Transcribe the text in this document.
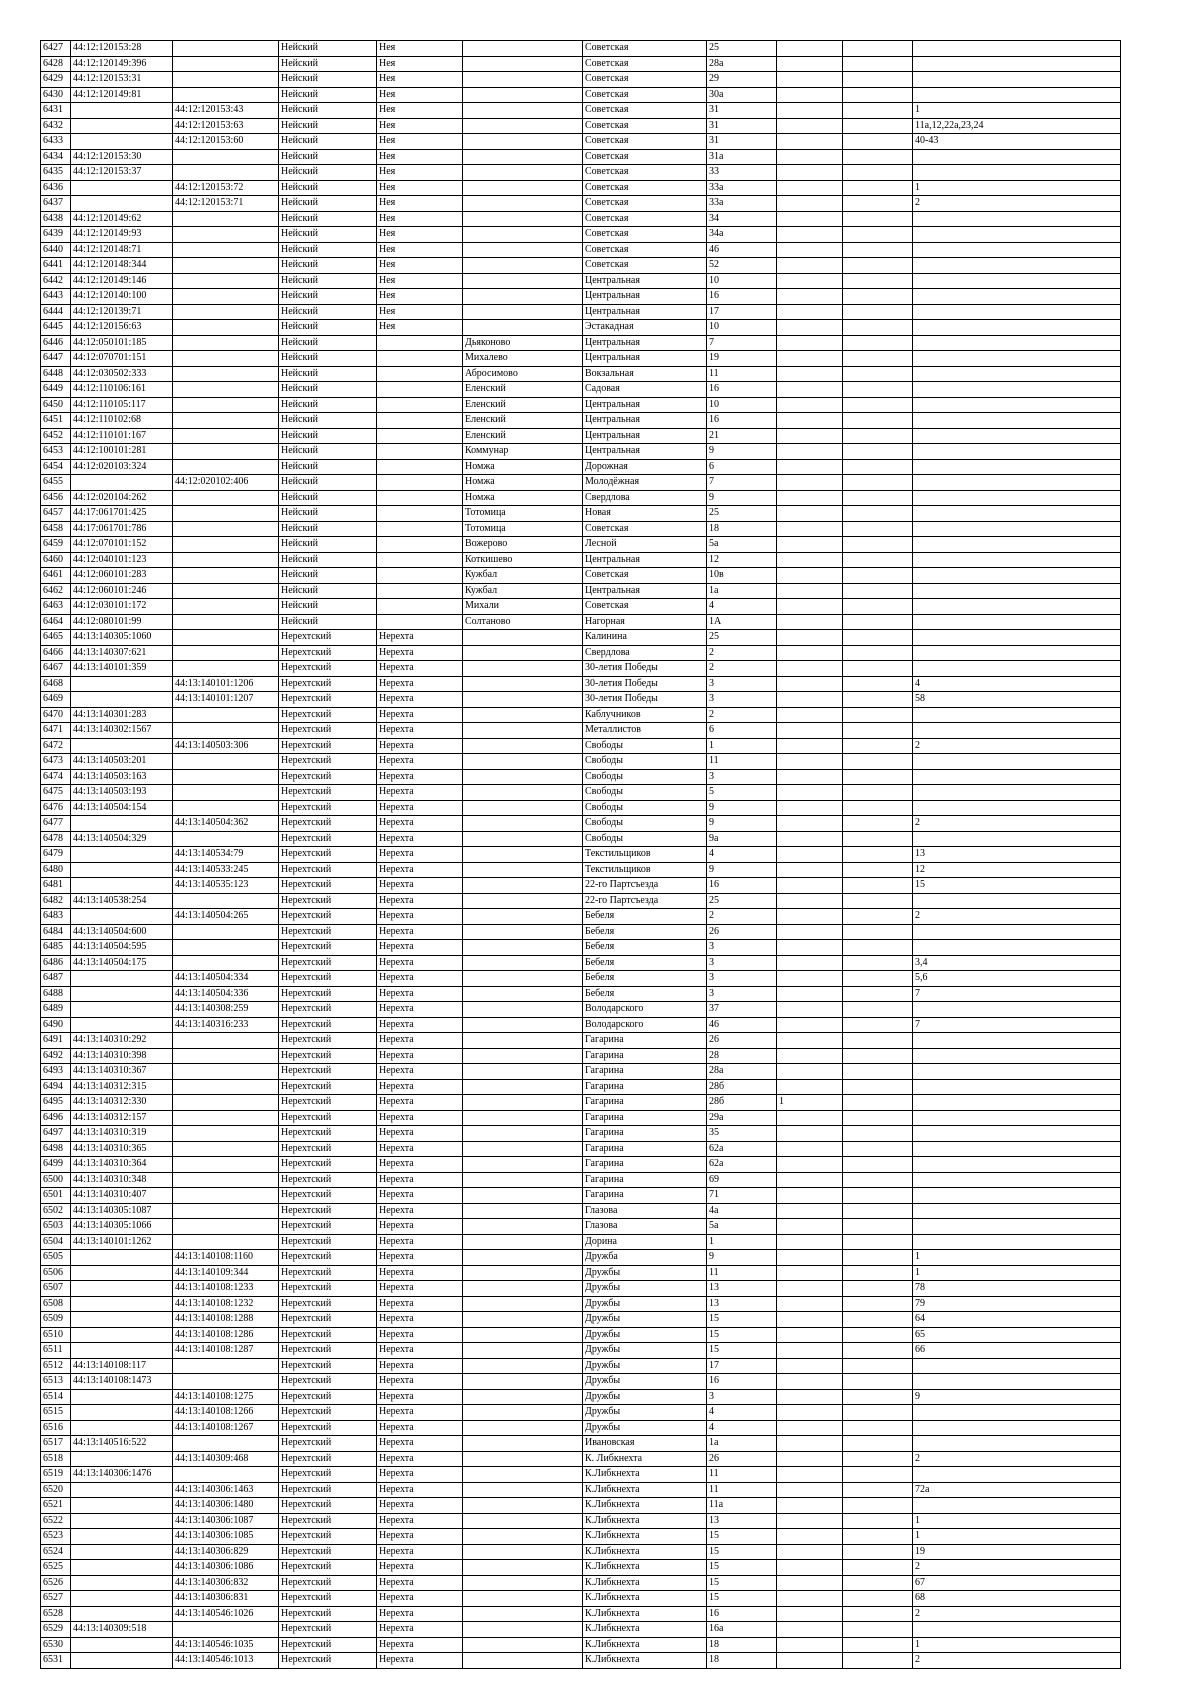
6427	44:12:120153:28		Нейский	Нея		Советская	25			
6428	44:12:120149:396		Нейский	Нея		Советская	28а			
6429	44:12:120153:31		Нейский	Нея		Советская	29			
6430	44:12:120149:81		Нейский	Нея		Советская	30а			
6431		44:12:120153:43	Нейский	Нея		Советская	31			1
6432		44:12:120153:63	Нейский	Нея		Советская	31			11а,12,22а,23,24
6433		44:12:120153:60	Нейский	Нея		Советская	31			40-43
6434	44:12:120153:30		Нейский	Нея		Советская	31а			
6435	44:12:120153:37		Нейский	Нея		Советская	33			
6436		44:12:120153:72	Нейский	Нея		Советская	33а			1
6437		44:12:120153:71	Нейский	Нея		Советская	33а			2
6438	44:12:120149:62		Нейский	Нея		Советская	34			
6439	44:12:120149:93		Нейский	Нея		Советская	34а			
6440	44:12:120148:71		Нейский	Нея		Советская	46			
6441	44:12:120148:344		Нейский	Нея		Советская	52			
6442	44:12:120149:146		Нейский	Нея		Центральная	10			
6443	44:12:120140:100		Нейский	Нея		Центральная	16			
6444	44:12:120139:71		Нейский	Нея		Центральная	17			
6445	44:12:120156:63		Нейский	Нея		Эстакадная	10			
6446	44:12:050101:185		Нейский		Дьяконово	Центральная	7			
6447	44:12:070701:151		Нейский		Михалево	Центральная	19			
6448	44:12:030502:333		Нейский		Абросимово	Вокзальная	11			
6449	44:12:110106:161		Нейский		Еленский	Садовая	16			
6450	44:12:110105:117		Нейский		Еленский	Центральная	10			
6451	44:12:110102:68		Нейский		Еленский	Центральная	16			
6452	44:12:110101:167		Нейский		Еленский	Центральная	21			
6453	44:12:100101:281		Нейский		Коммунар	Центральная	9			
6454	44:12:020103:324		Нейский		Номжа	Дорожная	6			
6455		44:12:020102:406	Нейский		Номжа	Молодёжная	7			
6456	44:12:020104:262		Нейский		Номжа	Свердлова	9			
6457	44:17:061701:425		Нейский		Тотомица	Новая	25			
6458	44:17:061701:786		Нейский		Тотомица	Советская	18			
6459	44:12:070101:152		Нейский		Вожерово	Лесной	5а			
6460	44:12:040101:123		Нейский		Коткишево	Центральная	12			
6461	44:12:060101:283		Нейский		Кужбал	Советская	10в			
6462	44:12:060101:246		Нейский		Кужбал	Центральная	1а			
6463	44:12:030101:172		Нейский		Михали	Советская	4			
6464	44:12:080101:99		Нейский		Солтаново	Нагорная	1А			
6465	44:13:140305:1060		Нерехтский	Нерехта		Калинина	25			
6466	44:13:140307:621		Нерехтский	Нерехта		Свердлова	2			
6467	44:13:140101:359		Нерехтский	Нерехта		30-летия Победы	2			
6468		44:13:140101:1206	Нерехтский	Нерехта		30-летия Победы	3			4
6469		44:13:140101:1207	Нерехтский	Нерехта		30-летия Победы	3			58
6470	44:13:140301:283		Нерехтский	Нерехта		Каблучников	2			
6471	44:13:140302:1567		Нерехтский	Нерехта		Металлистов	6			
6472		44:13:140503:306	Нерехтский	Нерехта		Свободы	1			2
6473	44:13:140503:201		Нерехтский	Нерехта		Свободы	11			
6474	44:13:140503:163		Нерехтский	Нерехта		Свободы	3			
6475	44:13:140503:193		Нерехтский	Нерехта		Свободы	5			
6476	44:13:140504:154		Нерехтский	Нерехта		Свободы	9			
6477		44:13:140504:362	Нерехтский	Нерехта		Свободы	9			2
6478	44:13:140504:329		Нерехтский	Нерехта		Свободы	9а			
6479		44:13:140534:79	Нерехтский	Нерехта		Текстильщиков	4			13
6480		44:13:140533:245	Нерехтский	Нерехта		Текстильщиков	9			12
6481		44:13:140535:123	Нерехтский	Нерехта		22-го Партсъезда	16			15
6482	44:13:140538:254		Нерехтский	Нерехта		22-го Партсъезда	25			
6483		44:13:140504:265	Нерехтский	Нерехта		Бебеля	2			2
6484	44:13:140504:600		Нерехтский	Нерехта		Бебеля	26			
6485	44:13:140504:595		Нерехтский	Нерехта		Бебеля	3			
6486	44:13:140504:175		Нерехтский	Нерехта		Бебеля	3			3,4
6487		44:13:140504:334	Нерехтский	Нерехта		Бебеля	3			5,6
6488		44:13:140504:336	Нерехтский	Нерехта		Бебеля	3			7
6489		44:13:140308:259	Нерехтский	Нерехта		Володарского	37			
6490		44:13:140316:233	Нерехтский	Нерехта		Володарского	46			7
6491	44:13:140310:292		Нерехтский	Нерехта		Гагарина	26			
6492	44:13:140310:398		Нерехтский	Нерехта		Гагарина	28			
6493	44:13:140310:367		Нерехтский	Нерехта		Гагарина	28а			
6494	44:13:140312:315		Нерехтский	Нерехта		Гагарина	28б			
6495	44:13:140312:330		Нерехтский	Нерехта		Гагарина	28б	1		
6496	44:13:140312:157		Нерехтский	Нерехта		Гагарина	29а			
6497	44:13:140310:319		Нерехтский	Нерехта		Гагарина	35			
6498	44:13:140310:365		Нерехтский	Нерехта		Гагарина	62а			
6499	44:13:140310:364		Нерехтский	Нерехта		Гагарина	62а			
6500	44:13:140310:348		Нерехтский	Нерехта		Гагарина	69			
6501	44:13:140310:407		Нерехтский	Нерехта		Гагарина	71			
6502	44:13:140305:1087		Нерехтский	Нерехта		Глазова	4а			
6503	44:13:140305:1066		Нерехтский	Нерехта		Глазова	5а			
6504	44:13:140101:1262		Нерехтский	Нерехта		Дорина	1			
6505		44:13:140108:1160	Нерехтский	Нерехта		Дружба	9			1
6506		44:13:140109:344	Нерехтский	Нерехта		Дружбы	11			1
6507		44:13:140108:1233	Нерехтский	Нерехта		Дружбы	13			78
6508		44:13:140108:1232	Нерехтский	Нерехта		Дружбы	13			79
6509		44:13:140108:1288	Нерехтский	Нерехта		Дружбы	15			64
6510		44:13:140108:1286	Нерехтский	Нерехта		Дружбы	15			65
6511		44:13:140108:1287	Нерехтский	Нерехта		Дружбы	15			66
6512	44:13:140108:117		Нерехтский	Нерехта		Дружбы	17			
6513	44:13:140108:1473		Нерехтский	Нерехта		Дружбы	16			
6514		44:13:140108:1275	Нерехтский	Нерехта		Дружбы	3			9
6515		44:13:140108:1266	Нерехтский	Нерехта		Дружбы	4			
6516		44:13:140108:1267	Нерехтский	Нерехта		Дружбы	4			
6517	44:13:140516:522		Нерехтский	Нерехта		Ивановская	1а			
6518		44:13:140309:468	Нерехтский	Нерехта		К. Либкнехта	26			2
6519	44:13:140306:1476		Нерехтский	Нерехта		К.Либкнехта	11			
6520		44:13:140306:1463	Нерехтский	Нерехта		К.Либкнехта	11			72а
6521		44:13:140306:1480	Нерехтский	Нерехта		К.Либкнехта	11а			
6522		44:13:140306:1087	Нерехтский	Нерехта		К.Либкнехта	13			1
6523		44:13:140306:1085	Нерехтский	Нерехта		К.Либкнехта	15			1
6524		44:13:140306:829	Нерехтский	Нерехта		К.Либкнехта	15			19
6525		44:13:140306:1086	Нерехтский	Нерехта		К.Либкнехта	15			2
6526		44:13:140306:832	Нерехтский	Нерехта		К.Либкнехта	15			67
6527		44:13:140306:831	Нерехтский	Нерехта		К.Либкнехта	15			68
6528		44:13:140546:1026	Нерехтский	Нерехта		К.Либкнехта	16			2
6529	44:13:140309:518		Нерехтский	Нерехта		К.Либкнехта	16а			
6530		44:13:140546:1035	Нерехтский	Нерехта		К.Либкнехта	18			1
6531		44:13:140546:1013	Нерехтский	Нерехта		К.Либкнехта	18			2
